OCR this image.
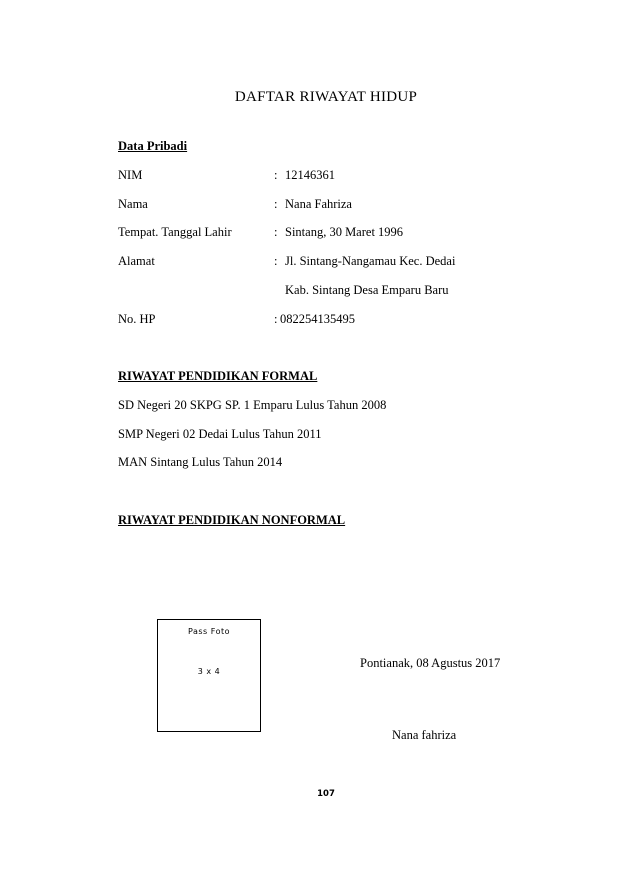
DAFTAR RIWAYAT HIDUP
Data Pribadi
NIM	: 12146361
Nama	: Nana Fahriza
Tempat. Tanggal Lahir	: Sintang, 30 Maret 1996
Alamat	: Jl. Sintang-Nangamau Kec. Dedai
Kab. Sintang Desa Emparu Baru
No. HP	: 082254135495
RIWAYAT PENDIDIKAN FORMAL
SD Negeri 20 SKPG SP. 1 Emparu Lulus Tahun 2008
SMP Negeri 02 Dedai Lulus Tahun 2011
MAN Sintang Lulus Tahun 2014
RIWAYAT PENDIDIKAN NONFORMAL
Pass Foto
3 x 4
Pontianak, 08 Agustus 2017
Nana fahriza
107
